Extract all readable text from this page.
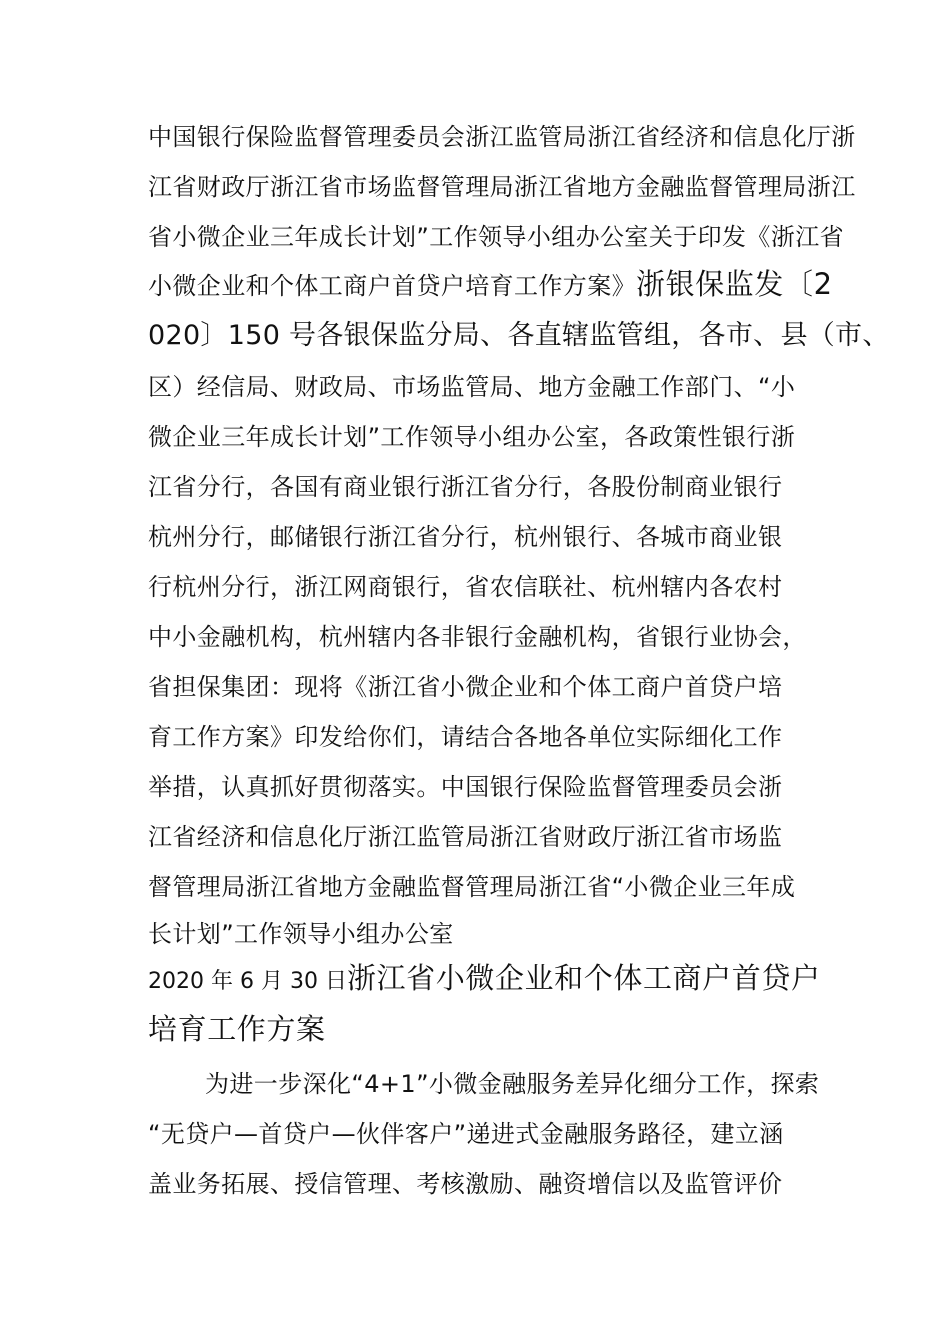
中国银行保险监督管理委员会浙江监管局浙江省经济和信息化厅浙
江省财政厅浙江省市场监督管理局浙江省地方金融监督管理局浙江
省小微企业三年成长计划”工作领导小组办公室关于印发《浙江省
小微企业和个体工商户首贷户培育工作方案》浙银保监发〔2
020〕150 号各银保监分局、各直辖监管组，各市、县（市、
区）经信局、财政局、市场监管局、地方金融工作部门、“小
微企业三年成长计划”工作领导小组办公室，各政策性银行浙
江省分行，各国有商业银行浙江省分行，各股份制商业银行
杭州分行，邮储银行浙江省分行，杭州银行、各城市商业银
行杭州分行，浙江网商银行，省农信联社、杭州辖内各农村
中小金融机构，杭州辖内各非银行金融机构，省银行业协会，
省担保集团：现将《浙江省小微企业和个体工商户首贷户培
育工作方案》印发给你们，请结合各地各单位实际细化工作
举措，认真抓好贯彻落实。中国银行保险监督管理委员会浙
江省经济和信息化厅浙江监管局浙江省财政厅浙江省市场监
督管理局浙江省地方金融监督管理局浙江省“小微企业三年成
长计划”工作领导小组办公室
2020 年 6 月 30 日浙江省小微企业和个体工商户首贷户
培育工作方案
为进一步深化“4+1”小微金融服务差异化细分工作，探索
“无贷户—首贷户—伙伴客户”递进式金融服务路径，建立涵
盖业务拓展、授信管理、考核激励、融资增信以及监管评价
